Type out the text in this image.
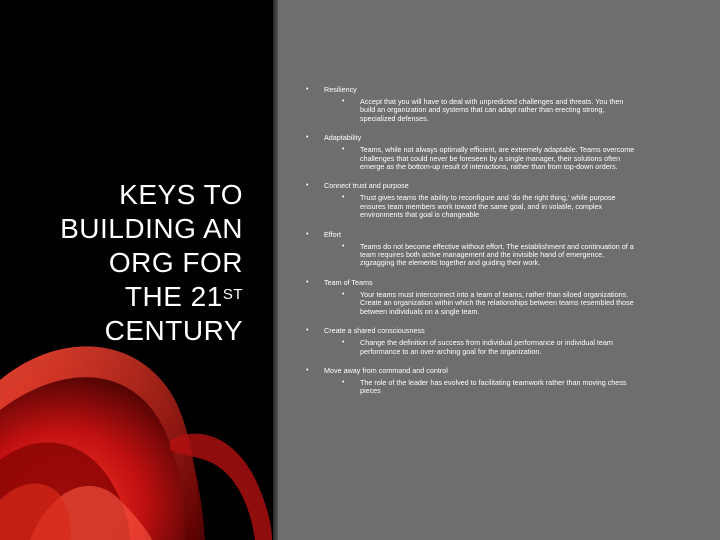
KEYS TO
BUILDING AN
ORG FOR
THE 21ST
CENTURY
• Resiliency
• Accept that you will have to deal with unpredicted challenges and threats. You then build an organization and systems that can adapt rather than erecting strong, specialized defenses.
• Adaptability
• Teams, while not always optimally efficient, are extremely adaptable. Teams overcome challenges that could never be foreseen by a single manager, their solutions often emerge as the bottom-up result of interactions, rather than from top-down orders.
• Connect trust and purpose
• Trust gives teams the ability to reconfigure and ‘do the right thing,’ while purpose ensures team members work toward the same goal, and in volatile, complex environments that goal is changeable
• Effort
• Teams do not become effective without effort. The establishment and continuation of a team requires both active management and the invisible hand of emergence, zigzagging the elements together and guiding their work.
• Team of Teams
• Your teams must interconnect into a team of teams, rather than siloed organizations. Create an organization within which the relationships between teams resembled those between individuals on a single team.
• Create a shared consciousness
• Change the definition of success from individual performance or individual team performance to an over-arching goal for the organization.
• Move away from command and control
• The role of the leader has evolved to facilitating teamwork rather than moving chess pieces
